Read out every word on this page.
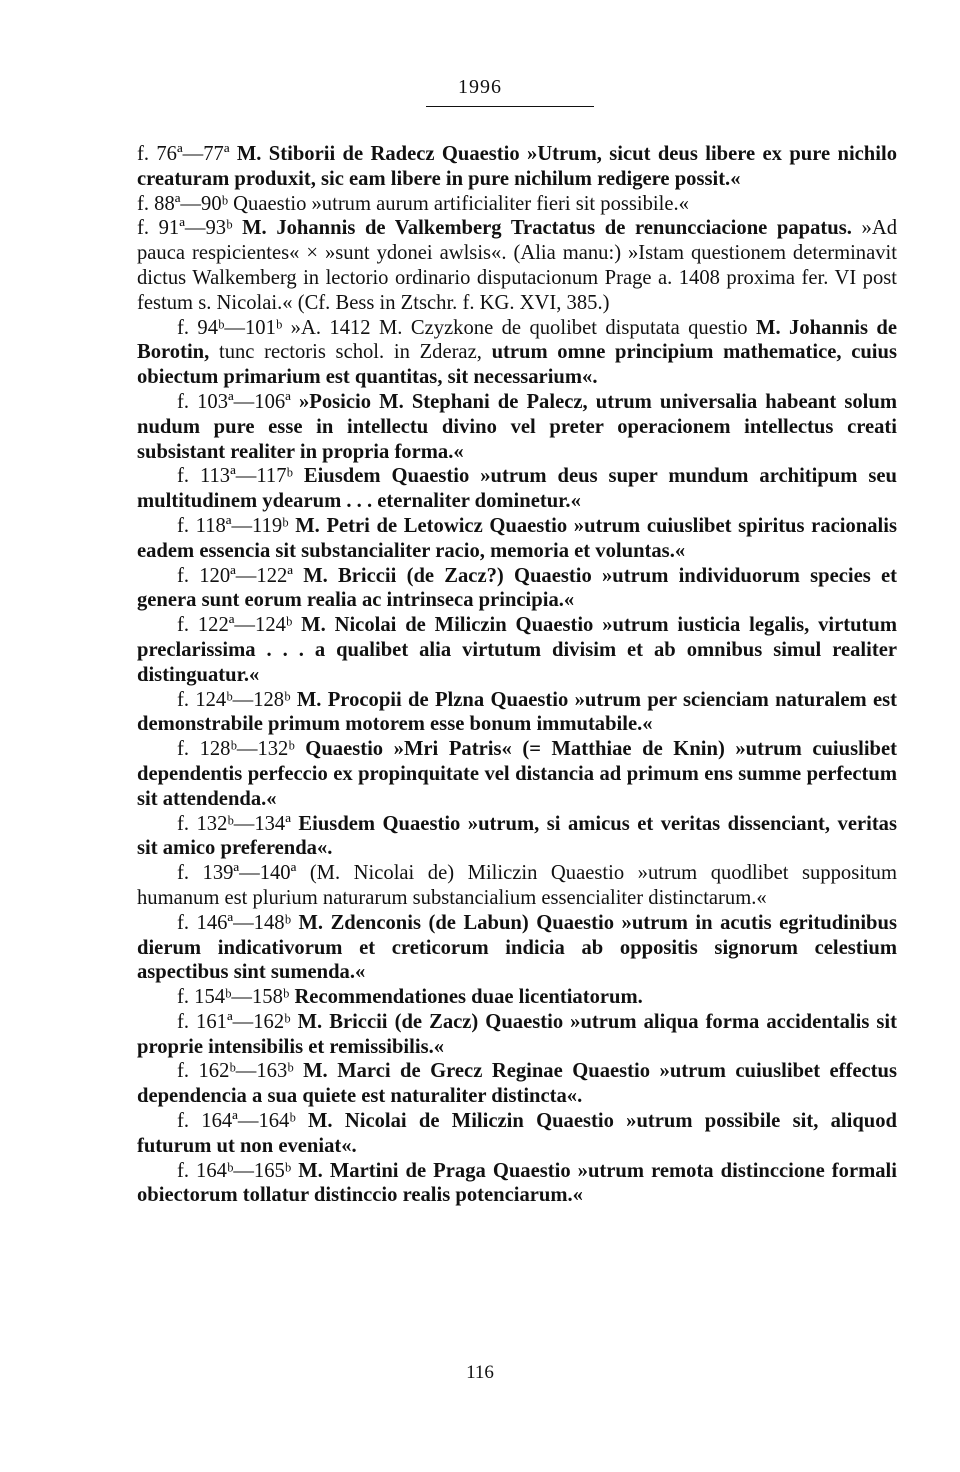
1996

f. 76ª—77ª M. Stiborii de Radecz Quaestio »Utrum, sicut deus libere ex pure nichilo creaturam produxit, sic eam libere in pure nichilum redigere possit.«

f. 88ª—90ᵇ Quaestio »utrum aurum artificialiter fieri sit possibile.«

f. 91ª—93ᵇ M. Johannis de Valkemberg Tractatus de renuncciacione papatus. »Ad pauca respicientes« × »sunt ydonei awlsis«. (Alia manu:) »Istam questionem determinavit dictus Walkemberg in lectorio ordinario disputacionum Prage a. 1408 proxima fer. VI post festum s. Nicolai.« (Cf. Bess in Ztschr. f. KG. XVI, 385.)

f. 94ᵇ—101ᵇ »A. 1412 M. Czyzkone de quolibet disputata questio M. Johannis de Borotin, tunc rectoris schol. in Zderaz, utrum omne principium mathematice, cuius obiectum primarium est quantitas, sit necessarium«.

f. 103ª—106ª »Posicio M. Stephani de Palecz, utrum universalia habeant solum nudum pure esse in intellectu divino vel preter operacionem intellectus creati subsistant realiter in propria forma.«

f. 113ª—117ᵇ Eiusdem Quaestio »utrum deus super mundum architipum seu multitudinem ydearum . . . eternaliter dominetur.«

f. 118ª—119ᵇ M. Petri de Letowicz Quaestio »utrum cuiuslibet spiritus racionalis eadem essencia sit substancialiter racio, memoria et voluntas.«

f. 120ª—122ª M. Briccii (de Zacz?) Quaestio »utrum individuorum species et genera sunt eorum realia ac intrinseca principia.«

f. 122ª—124ᵇ M. Nicolai de Miliczin Quaestio »utrum iusticia legalis, virtutum preclarissima . . . a qualibet alia virtutum divisim et ab omnibus simul realiter distinguatur.«

f. 124ᵇ—128ᵇ M. Procopii de Plzna Quaestio »utrum per scienciam naturalem est demonstrabile primum motorem esse bonum immutabile.«

f. 128ᵇ—132ᵇ Quaestio »Mri Patris« (= Matthiae de Knin) »utrum cuiuslibet dependentis perfeccio ex propinquitate vel distancia ad primum ens summe perfectum sit attendenda.«

f. 132ᵇ—134ª Eiusdem Quaestio »utrum, si amicus et veritas dissenciant, veritas sit amico preferenda«.

f. 139ª—140ª (M. Nicolai de) Miliczin Quaestio »utrum quodlibet suppositum humanum est plurium naturarum substancialium essencialiter distinctarum.«

f. 146ª—148ᵇ M. Zdenconis (de Labun) Quaestio »utrum in acutis egritudinibus dierum indicativorum et creticorum indicia ab oppositis signorum celestium aspectibus sint sumenda.«

f. 154ᵇ—158ᵇ Recommendationes duae licentiatorum.

f. 161ª—162ᵇ M. Briccii (de Zacz) Quaestio »utrum aliqua forma accidentalis sit proprie intensibilis et remissibilis.«

f. 162ᵇ—163ᵇ M. Marci de Grecz Reginae Quaestio »utrum cuiuslibet effectus dependencia a sua quiete est naturaliter distincta«.

f. 164ª—164ᵇ M. Nicolai de Miliczin Quaestio »utrum possibile sit, aliquod futurum ut non eveniat«.

f. 164ᵇ—165ᵇ M. Martini de Praga Quaestio »utrum remota distinccione formali obiectorum tollatur distinccio realis potenciarum.«

116
